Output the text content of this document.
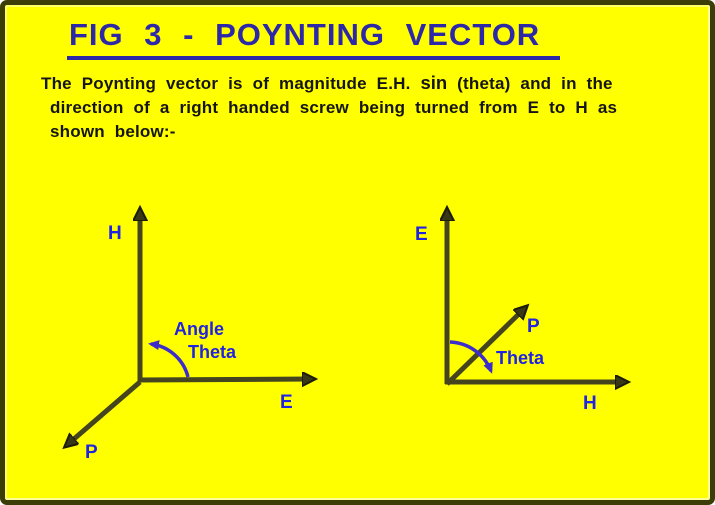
FIG 3 - POYNTING VECTOR
The Poynting vector is of magnitude E.H. sin (theta) and in the
direction of a right handed screw being turned from E to H as
shown below:-
H
E
P
Angle
Theta
E
H
P
Theta
